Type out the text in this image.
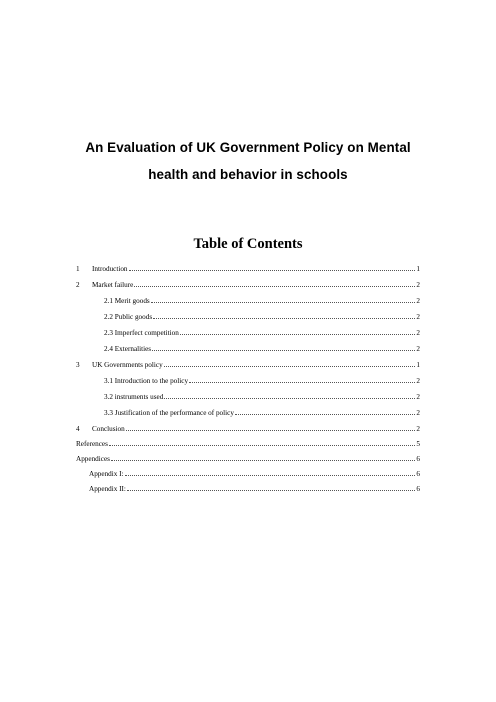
An Evaluation of UK Government Policy on Mental
health and behavior in schools
Table of Contents
1	Introduction	1
2	Market failure	2
2.1 Merit goods	2
2.2 Public goods	2
2.3 Imperfect competition	2
2.4 Externalities	2
3	UK Governments policy	1
3.1 Introduction to the policy	2
3.2 instruments used	2
3.3 Justification of the performance of policy	2
4	Conclusion	2
References	5
Appendices	6
Appendix I:	6
Appendix II:	6
